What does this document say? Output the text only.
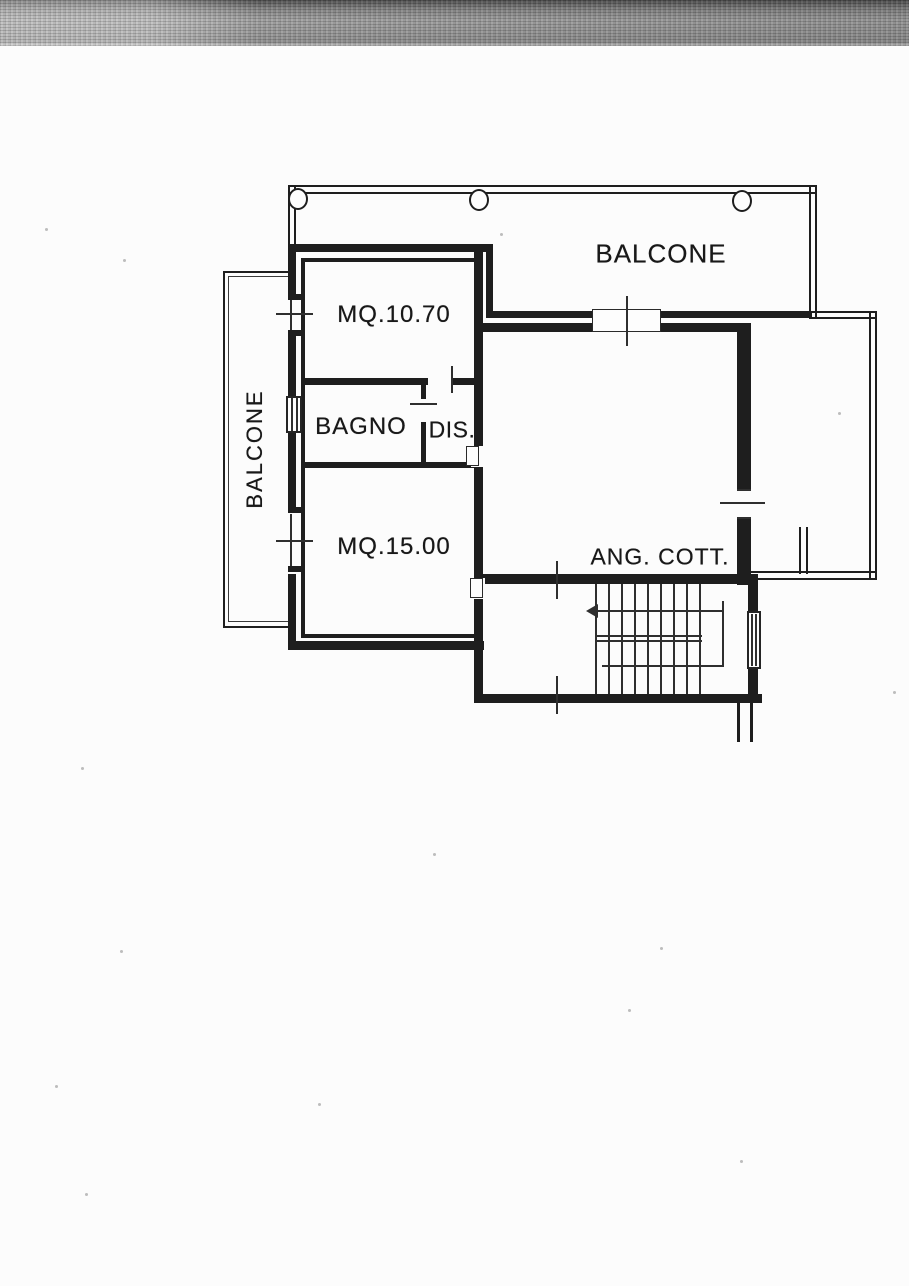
BALCONE
BALCONE
MQ.10.70
BAGNO DIS.
MQ.15.00	ANG. COTT.
